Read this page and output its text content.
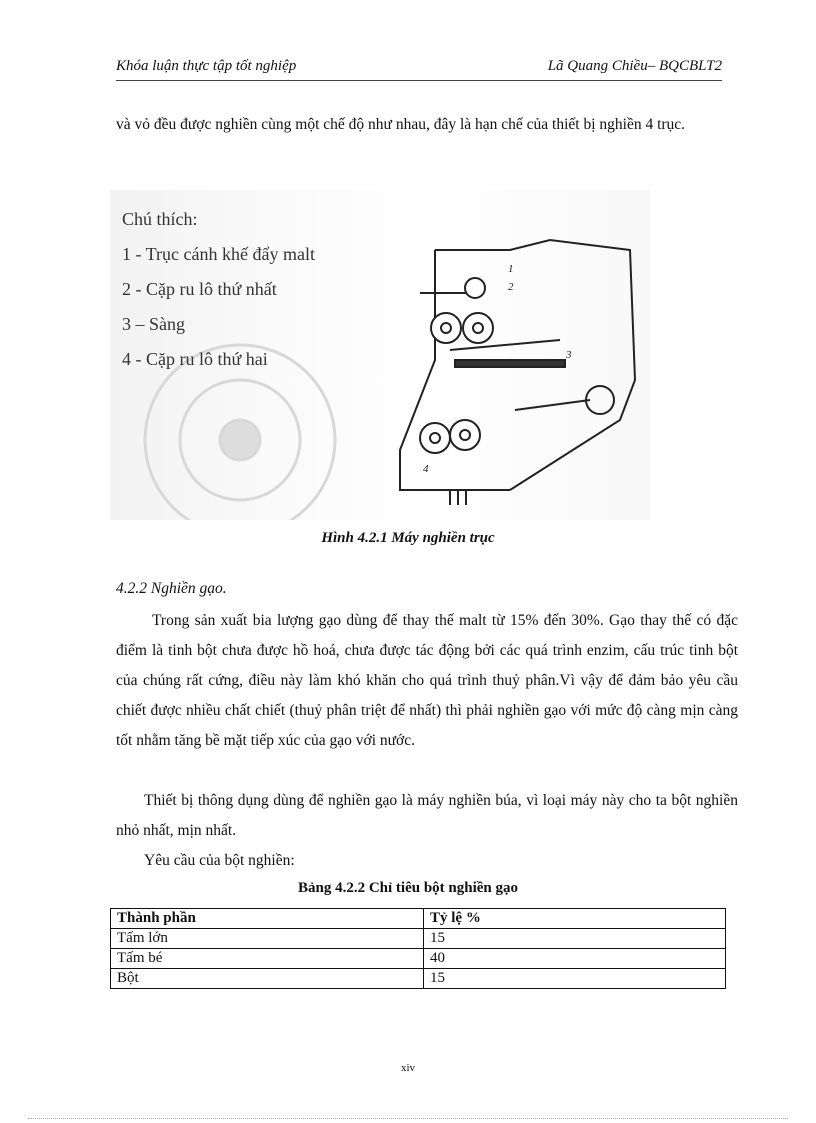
Khóa luận thực tập tốt nghiệp	Lã Quang Chiều– BQCBLT2
và vỏ đều được nghiền cùng một chế độ như nhau, đây là hạn chế của thiết bị nghiền 4 trục.
1
2
3
4
Chú thích:
1 - Trục cánh khế đẩy malt
2 - Cặp ru lô thứ nhất
3 – Sàng
4 - Cặp ru lô thứ hai
Hình 4.2.1 Máy nghiền trục
4.2.2 Nghiền gạo.
Trong sản xuất bia lượng gạo dùng để thay thế malt từ 15% đến 30%. Gạo thay thế có đặc điểm là tinh bột chưa được hồ hoá, chưa được tác động bởi các quá trình enzim, cấu trúc tinh bột của chúng rất cứng, điều này làm khó khăn cho quá trình thuỷ phân.Vì vậy để đảm bảo yêu cầu chiết được nhiều chất chiết (thuỷ phân triệt để nhất) thì phải nghiền gạo với mức độ càng mịn càng tốt nhằm tăng bề mặt tiếp xúc của gạo với nước.
Thiết bị thông dụng dùng để nghiền gạo là máy nghiền búa, vì loại máy này cho ta bột nghiền nhỏ nhất, mịn nhất.
Yêu cầu của bột nghiền:
Bảng 4.2.2 Chỉ tiêu bột nghiền gạo
Thành phần	Tỷ lệ %
Tấm lớn	15
Tấm bé	40
Bột	15
xiv
